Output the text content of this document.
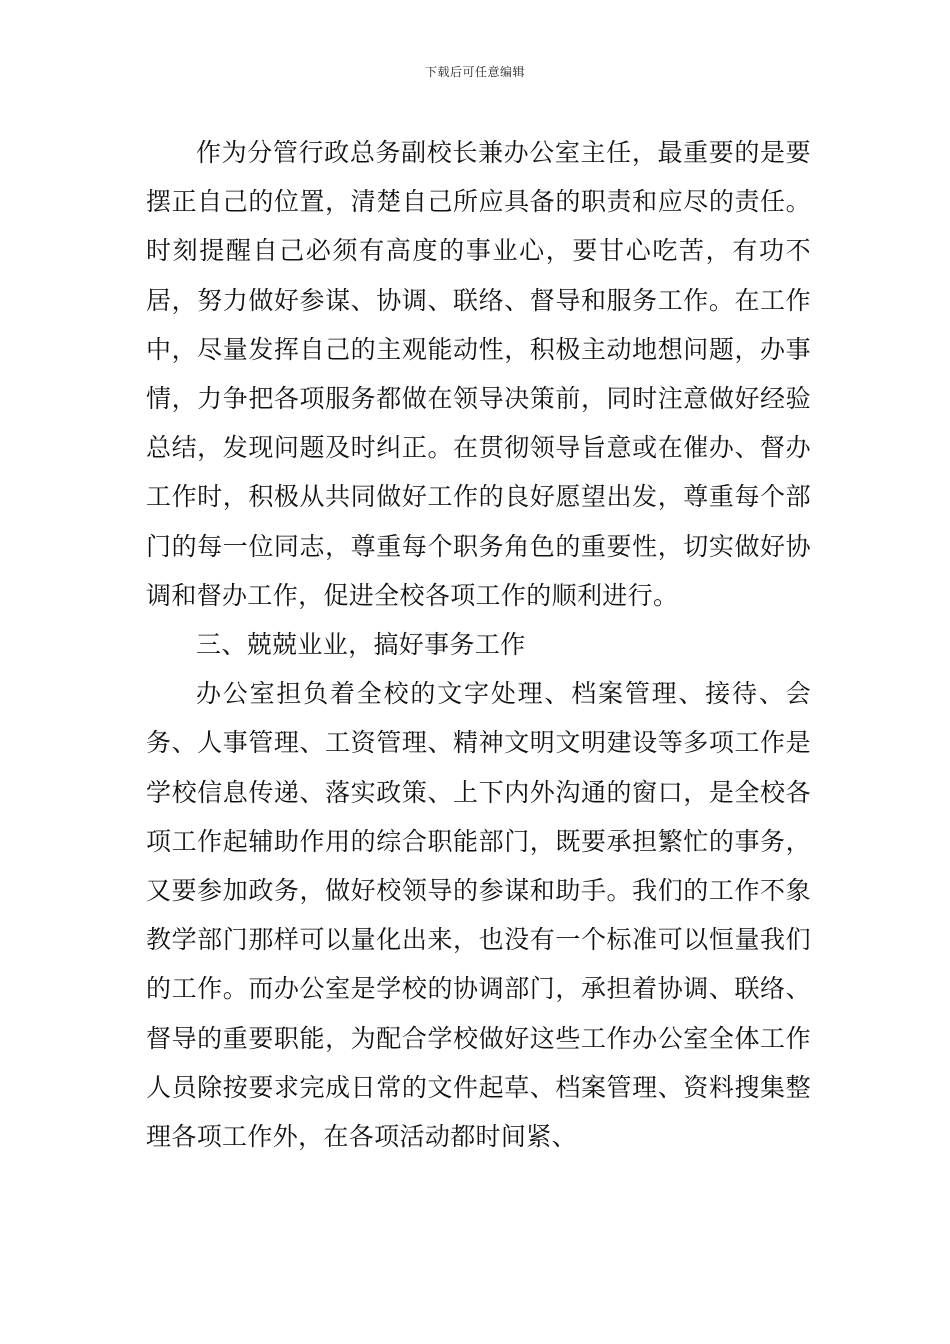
下载后可任意编辑

作为分管行政总务副校长兼办公室主任，最重要的是要摆正自己的位置，清楚自己所应具备的职责和应尽的责任。时刻提醒自己必须有高度的事业心，要甘心吃苦，有功不居，努力做好参谋、协调、联络、督导和服务工作。在工作中，尽量发挥自己的主观能动性，积极主动地想问题，办事情，力争把各项服务都做在领导决策前，同时注意做好经验总结，发现问题及时纠正。在贯彻领导旨意或在催办、督办工作时，积极从共同做好工作的良好愿望出发，尊重每个部门的每一位同志，尊重每个职务角色的重要性，切实做好协调和督办工作，促进全校各项工作的顺利进行。

三、兢兢业业，搞好事务工作

办公室担负着全校的文字处理、档案管理、接待、会务、人事管理、工资管理、精神文明文明建设等多项工作是学校信息传递、落实政策、上下内外沟通的窗口，是全校各项工作起辅助作用的综合职能部门，既要承担繁忙的事务，又要参加政务，做好校领导的参谋和助手。我们的工作不象教学部门那样可以量化出来，也没有一个标准可以恒量我们的工作。而办公室是学校的协调部门，承担着协调、联络、督导的重要职能，为配合学校做好这些工作办公室全体工作人员除按要求完成日常的文件起草、档案管理、资料搜集整理各项工作外，在各项活动都时间紧、
